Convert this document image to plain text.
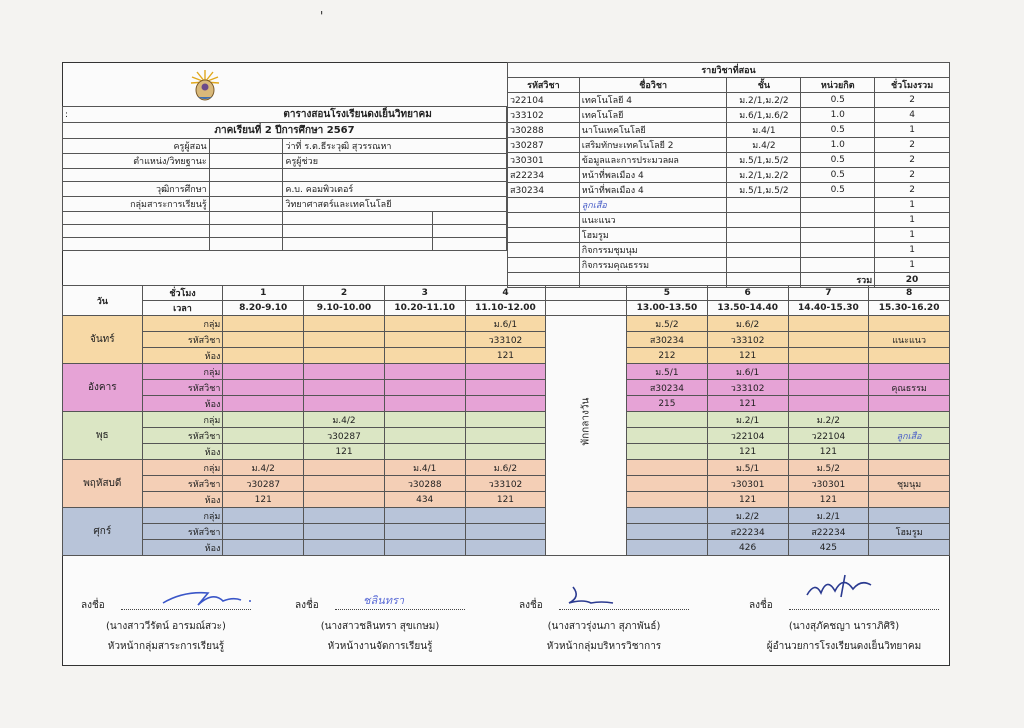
'
:	ตารางสอนโรงเรียนดงเย็นวิทยาคม		
ภาคเรียนที่ 2 ปีการศึกษา 2567			
ครูผู้สอน		ว่าที่ ร.ต.ธีระวุฒิ สุวรรณหา	
ตำแหน่ง/วิทยฐานะ		ครูผู้ช่วย	

วุฒิการศึกษา		ค.บ. คอมพิวเตอร์	
กลุ่มสาระการเรียนรู้		วิทยาศาสตร์และเทคโนโลยี	

รายวิชาที่สอน				
รหัสวิชา	ชื่อวิชา	ชั้น	หน่วยกิต	ชั่วโมงรวม
ว22104	เทคโนโลยี 4	ม.2/1,ม.2/2	0.5	2
ว33102	เทคโนโลยี	ม.6/1,ม.6/2	1.0	4
ว30288	นาโนเทคโนโลยี	ม.4/1	0.5	1
ว30287	เสริมทักษะเทคโนโลยี 2	ม.4/2	1.0	2
ว30301	ข้อมูลและการประมวลผล	ม.5/1,ม.5/2	0.5	2
ส22234	หน้าที่พลเมือง 4	ม.2/1,ม.2/2	0.5	2
ส30234	หน้าที่พลเมือง 4	ม.5/1,ม.5/2	0.5	2
	ลูกเสือ			1
	แนะแนว			1
	โฮมรูม			1
	กิจกรรมชุมนุม			1
	กิจกรรมคุณธรรม			1
			รวม	20
วัน	ชั่วโมง	1	2	3	4		5	6	7	8
	เวลา	8.20-9.10	9.10-10.00	10.20-11.10	11.10-12.00		13.00-13.50	13.50-14.40	14.40-15.30	15.30-16.20
จันทร์	กลุ่ม				ม.6/1	พักกลางวัน	ม.5/2	ม.6/2		
	รหัสวิชา				ว33102		ส30234	ว33102		แนะแนว
	ห้อง				121		212	121		
อังคาร	กลุ่ม						ม.5/1	ม.6/1		
	รหัสวิชา						ส30234	ว33102		คุณธรรม
	ห้อง						215	121		
พุธ	กลุ่ม		ม.4/2					ม.2/1	ม.2/2	
	รหัสวิชา		ว30287					ว22104	ว22104	ลูกเสือ
	ห้อง		121					121	121	
พฤหัสบดี	กลุ่ม	ม.4/2		ม.4/1	ม.6/2			ม.5/1	ม.5/2	
	รหัสวิชา	ว30287		ว30288	ว33102			ว30301	ว30301	ชุมนุม
	ห้อง	121		434	121			121	121	
ศุกร์	กลุ่ม							ม.2/2	ม.2/1	
	รหัสวิชา							ส22234	ส22234	โฮมรูม
	ห้อง							426	425	
ลงชื่อ
(นางสาววีรัตน์ อารมณ์สวะ)
หัวหน้ากลุ่มสาระการเรียนรู้
ลงชื่อ
(นางสาวชลินทรา สุขเกษม)
หัวหน้างานจัดการเรียนรู้
ลงชื่อ
(นางสาวรุ่งนภา สุภาพันธ์)
หัวหน้ากลุ่มบริหารวิชาการ
ลงชื่อ
(นางสุภัคชญา นาราภิศิริ)
ผู้อำนวยการโรงเรียนดงเย็นวิทยาคม
ชลินทรา
